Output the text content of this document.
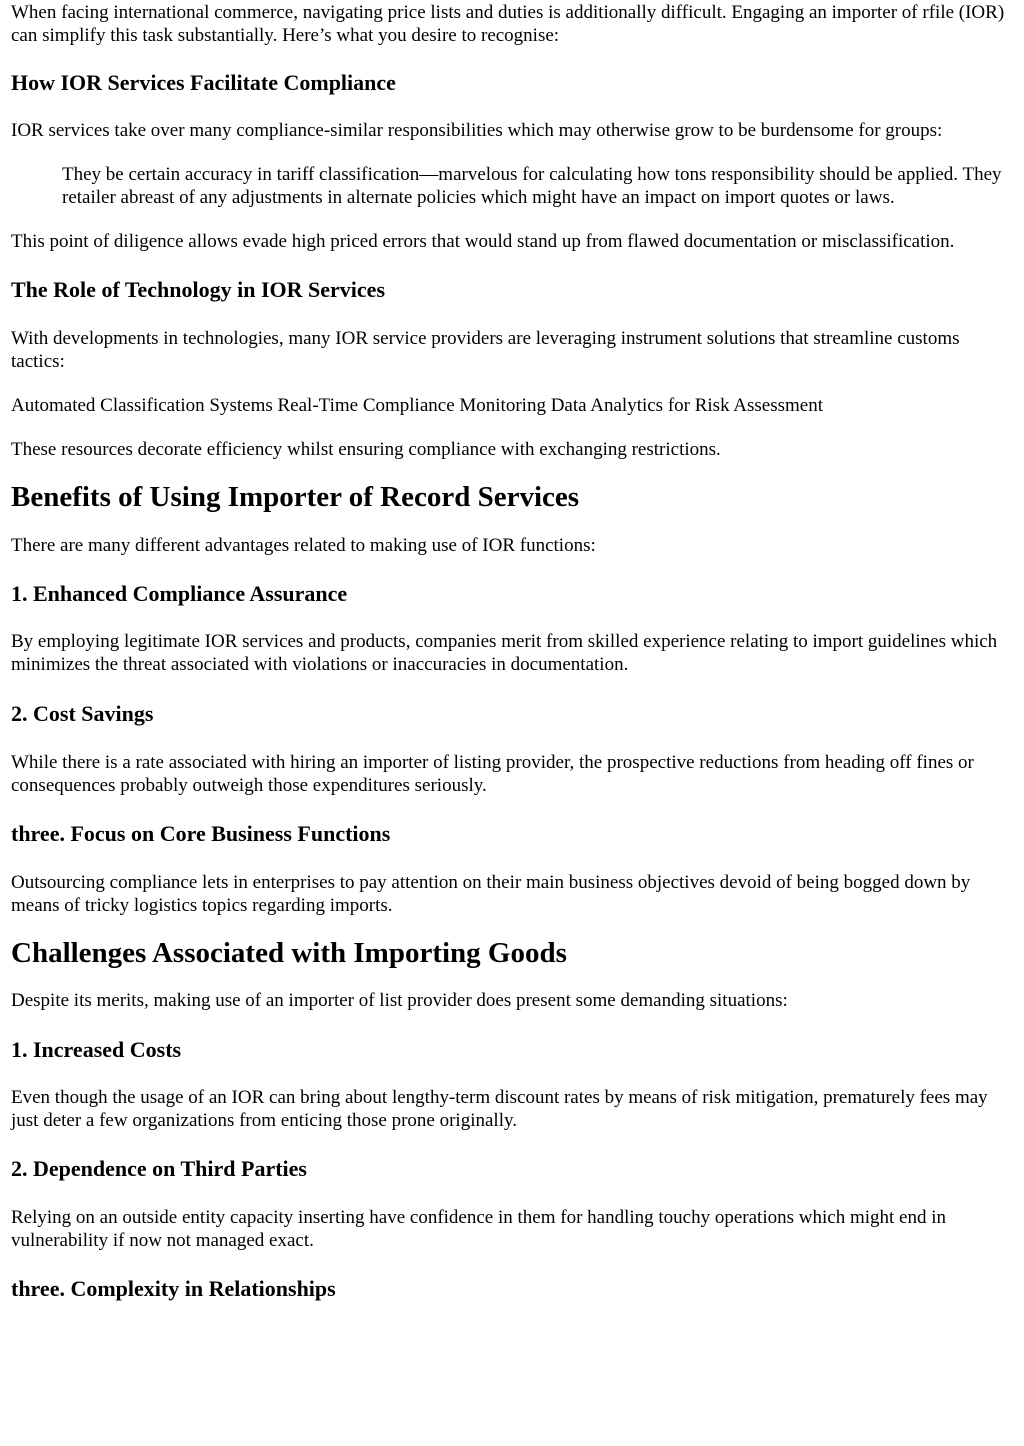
When facing international commerce, navigating price lists and duties is additionally difficult. Engaging an importer of rfile (IOR) can simplify this task substantially. Here’s what you desire to recognise:

How IOR Services Facilitate Compliance

IOR services take over many compliance-similar responsibilities which may otherwise grow to be burdensome for groups:

They be certain accuracy in tariff classification—marvelous for calculating how tons responsibility should be applied. They retailer abreast of any adjustments in alternate policies which might have an impact on import quotes or laws.

This point of diligence allows evade high priced errors that would stand up from flawed documentation or misclassification.

The Role of Technology in IOR Services

With developments in technologies, many IOR service providers are leveraging instrument solutions that streamline customs tactics:

Automated Classification Systems Real-Time Compliance Monitoring Data Analytics for Risk Assessment

These resources decorate efficiency whilst ensuring compliance with exchanging restrictions.

Benefits of Using Importer of Record Services

There are many different advantages related to making use of IOR functions:

1. Enhanced Compliance Assurance

By employing legitimate IOR services and products, companies merit from skilled experience relating to import guidelines which minimizes the threat associated with violations or inaccuracies in documentation.

2. Cost Savings

While there is a rate associated with hiring an importer of listing provider, the prospective reductions from heading off fines or consequences probably outweigh those expenditures seriously.

three. Focus on Core Business Functions

Outsourcing compliance lets in enterprises to pay attention on their main business objectives devoid of being bogged down by means of tricky logistics topics regarding imports.

Challenges Associated with Importing Goods

Despite its merits, making use of an importer of list provider does present some demanding situations:

1. Increased Costs

Even though the usage of an IOR can bring about lengthy-term discount rates by means of risk mitigation, prematurely fees may just deter a few organizations from enticing those prone originally.

2. Dependence on Third Parties

Relying on an outside entity capacity inserting have confidence in them for handling touchy operations which might end in vulnerability if now not managed exact.

three. Complexity in Relationships
